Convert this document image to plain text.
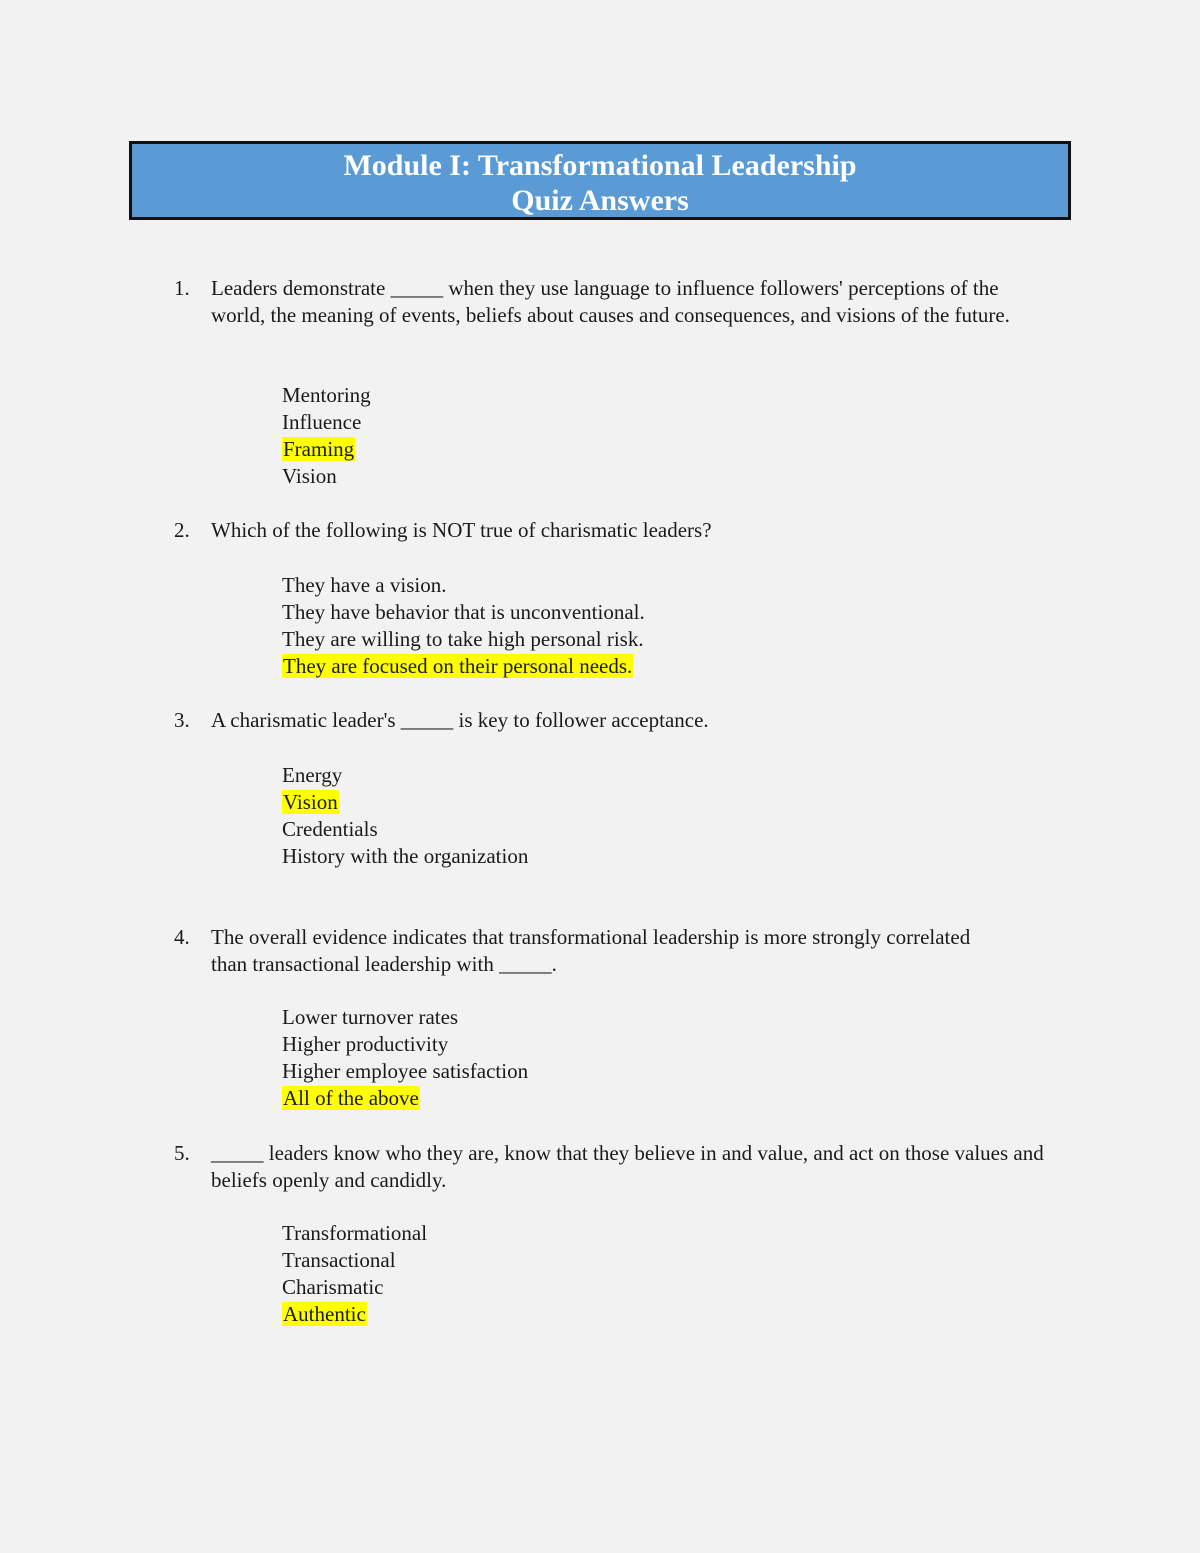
Module I: Transformational Leadership
Quiz Answers
1. Leaders demonstrate _____ when they use language to influence followers' perceptions of the world, the meaning of events, beliefs about causes and consequences, and visions of the future.

Mentoring
Influence
Framing
Vision
2. Which of the following is NOT true of charismatic leaders?

They have a vision.
They have behavior that is unconventional.
They are willing to take high personal risk.
They are focused on their personal needs.
3. A charismatic leader's _____ is key to follower acceptance.

Energy
Vision
Credentials
History with the organization
4. The overall evidence indicates that transformational leadership is more strongly correlated than transactional leadership with _____.

Lower turnover rates
Higher productivity
Higher employee satisfaction
All of the above
5. _____ leaders know who they are, know that they believe in and value, and act on those values and beliefs openly and candidly.

Transformational
Transactional
Charismatic
Authentic
